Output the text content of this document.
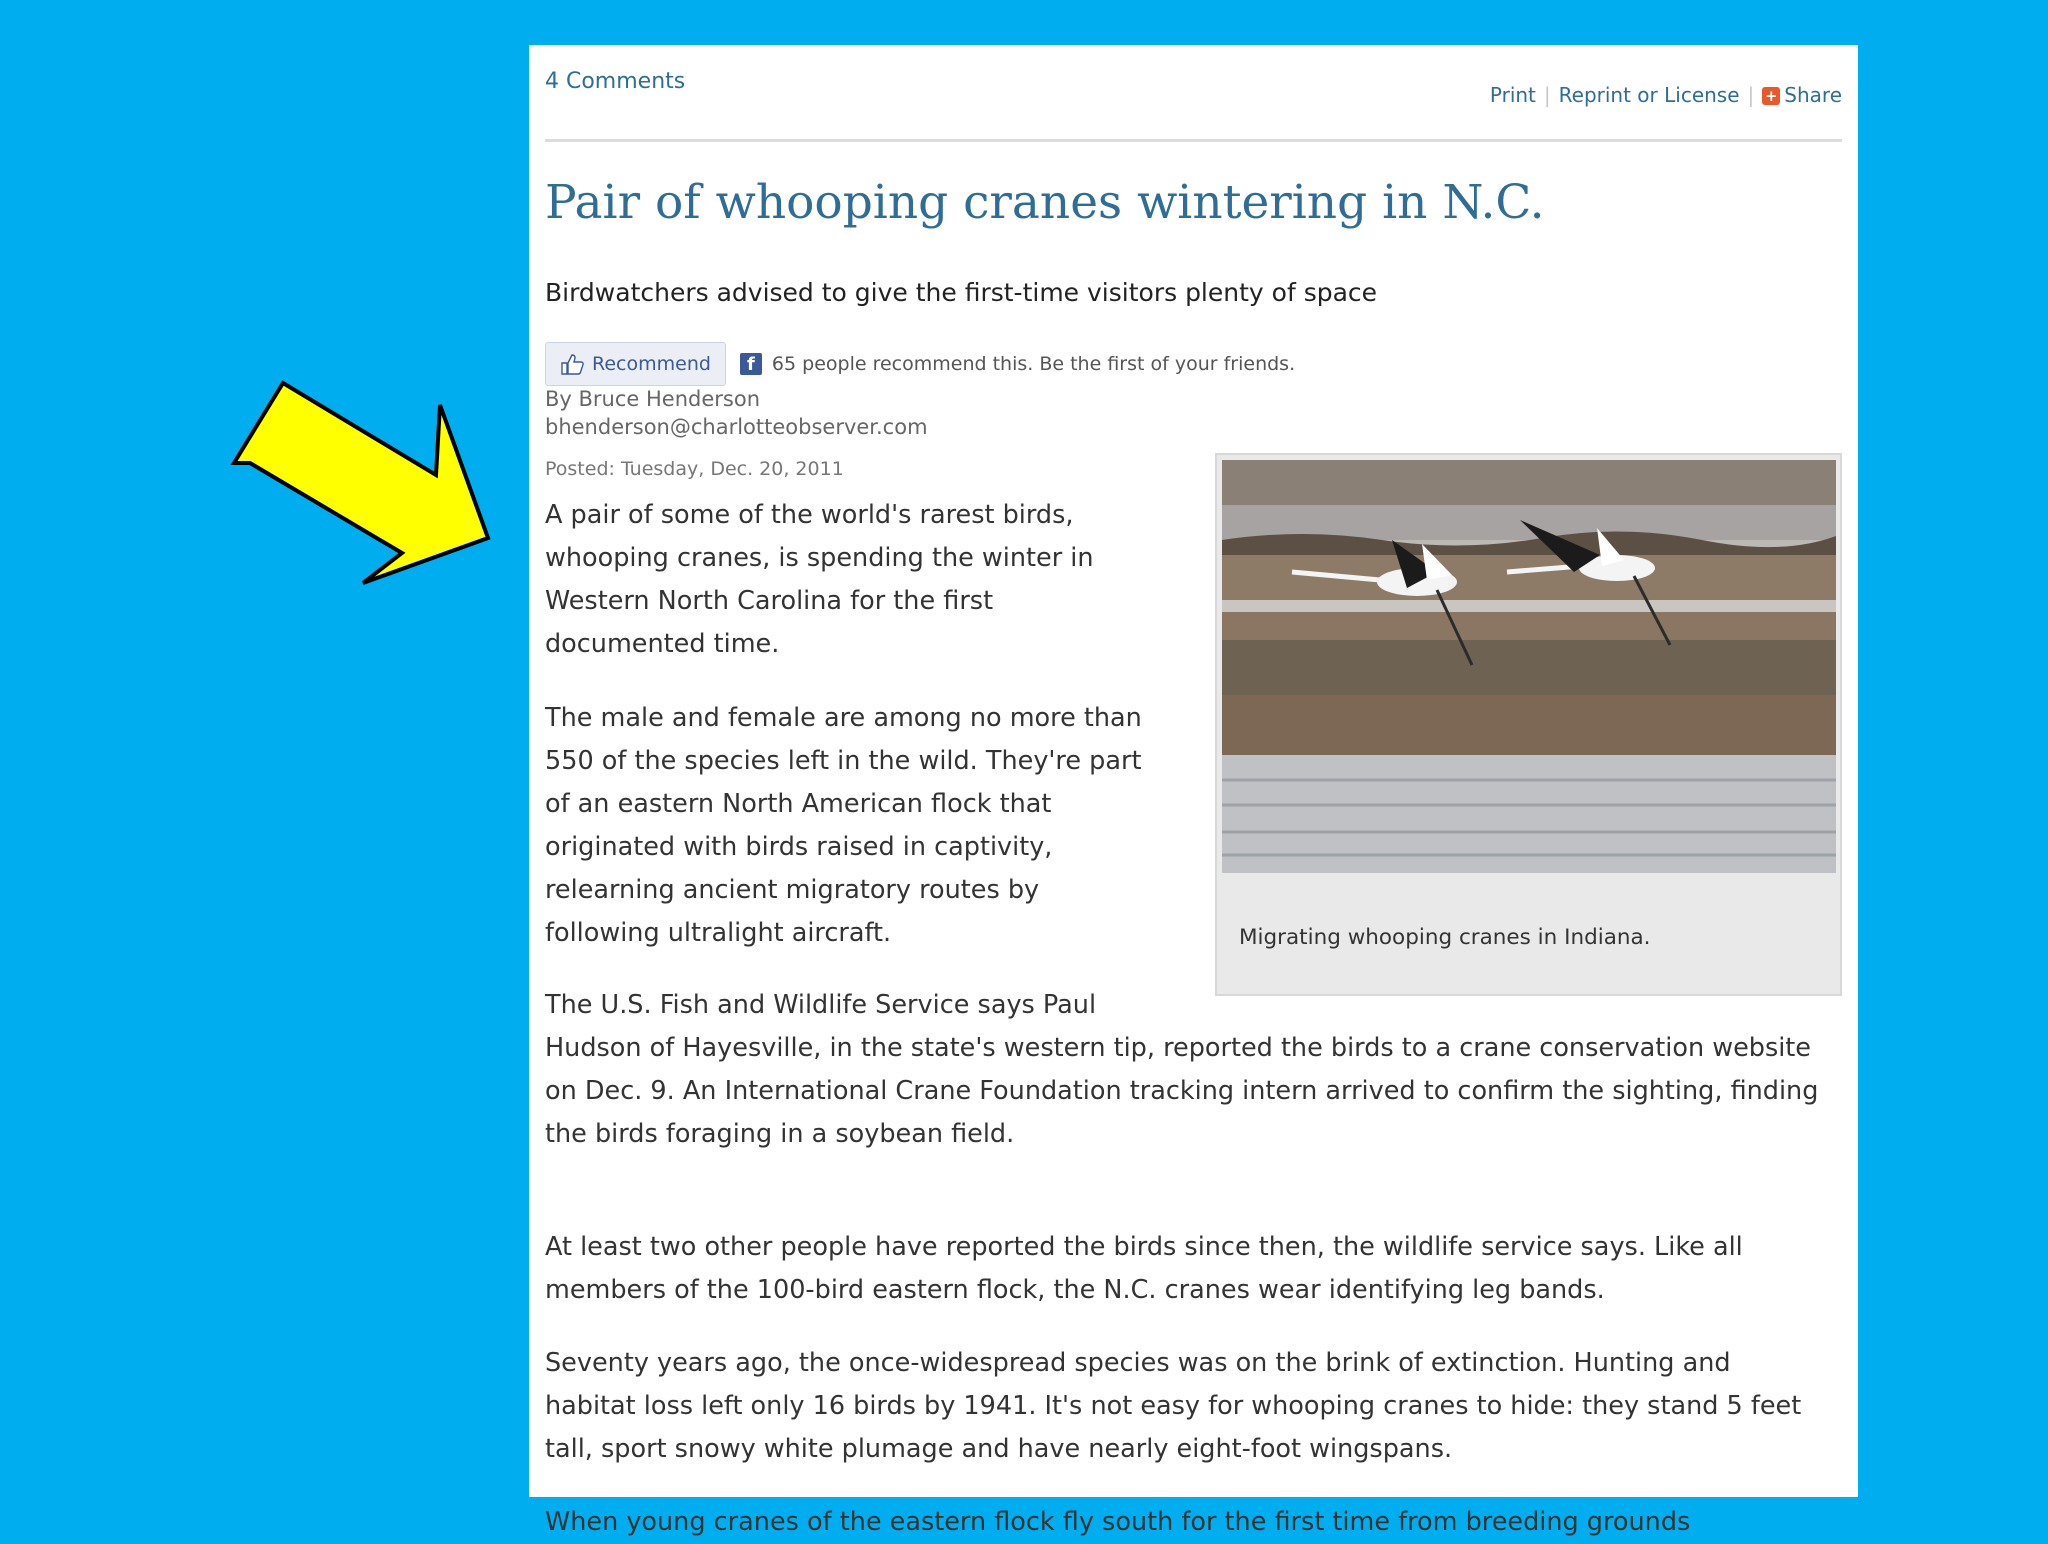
4 Comments
Print | Reprint or License | + Share
Pair of whooping cranes wintering in N.C.
Birdwatchers advised to give the first-time visitors plenty of space
Recommend	f 65 people recommend this. Be the first of your friends.
By Bruce Henderson
bhenderson@charlotteobserver.com
Posted: Tuesday, Dec. 20, 2011

A pair of some of the world's rarest birds, whooping cranes, is spending the winter in Western North Carolina for the first documented time.

The male and female are among no more than 550 of the species left in the wild. They're part of an eastern North American flock that originated with birds raised in captivity, relearning ancient migratory routes by following ultralight aircraft.

The U.S. Fish and Wildlife Service says Paul Hudson of Hayesville, in the state's western tip, reported the birds to a crane conservation website on Dec. 9. An International Crane Foundation tracking intern arrived to confirm the sighting, finding the birds foraging in a soybean field.

At least two other people have reported the birds since then, the wildlife service says. Like all members of the 100-bird eastern flock, the N.C. cranes wear identifying leg bands.

Seventy years ago, the once-widespread species was on the brink of extinction. Hunting and habitat loss left only 16 birds by 1941. It's not easy for whooping cranes to hide: they stand 5 feet tall, sport snowy white plumage and have nearly eight-foot wingspans.

When young cranes of the eastern flock fly south for the first time from breeding grounds

Migrating whooping cranes in Indiana.
